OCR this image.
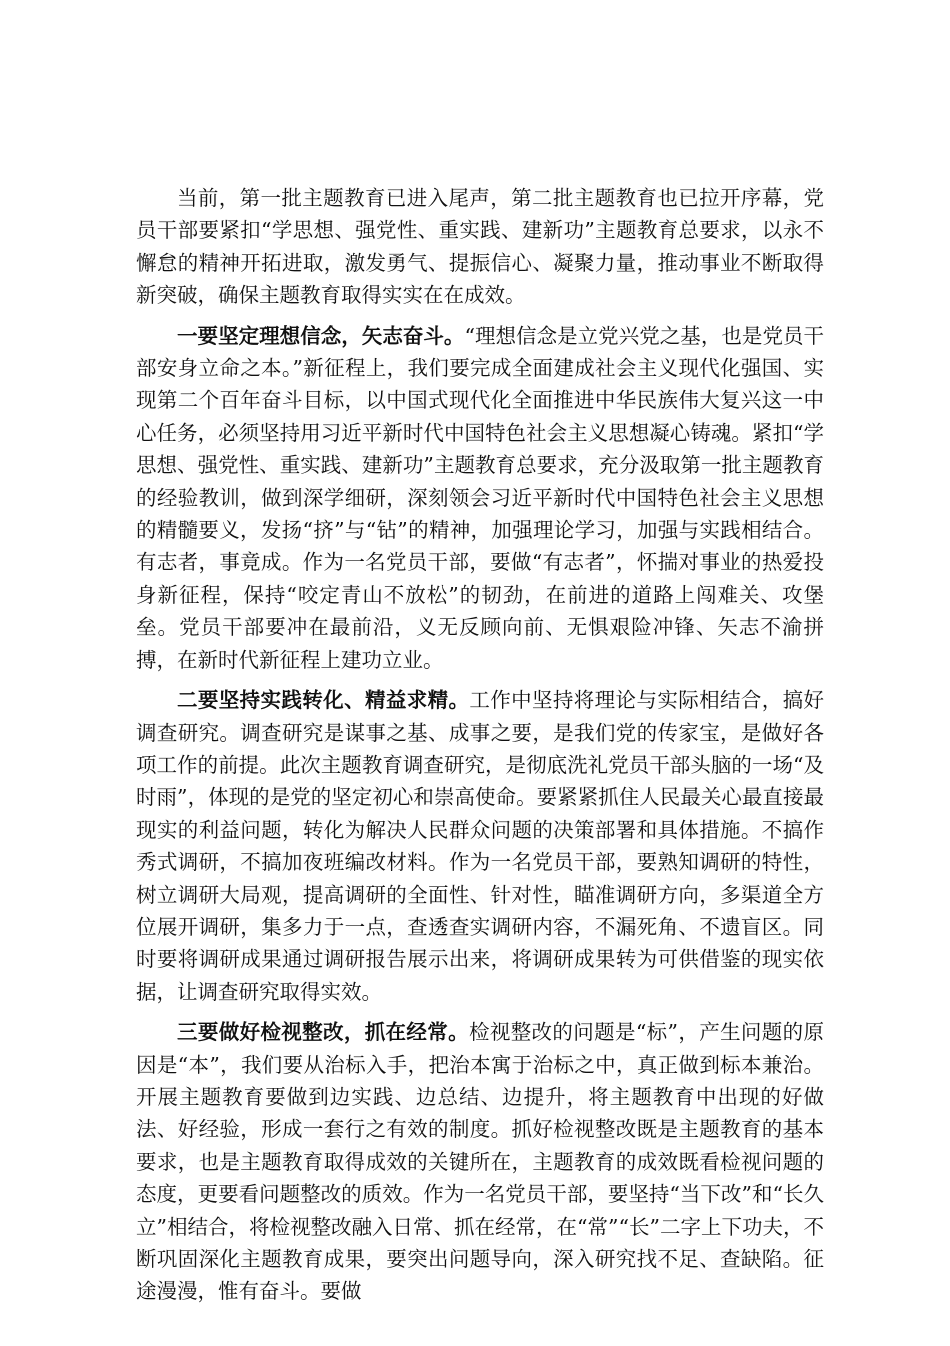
当前，第一批主题教育已进入尾声，第二批主题教育也已拉开序幕，党员干部要紧扣“学思想、强党性、重实践、建新功”主题教育总要求，以永不懈怠的精神开拓进取，激发勇气、提振信心、凝聚力量，推动事业不断取得新突破，确保主题教育取得实实在在成效。

一要坚定理想信念，矢志奋斗。“理想信念是立党兴党之基，也是党员干部安身立命之本。”新征程上，我们要完成全面建成社会主义现代化强国、实现第二个百年奋斗目标，以中国式现代化全面推进中华民族伟大复兴这一中心任务，必须坚持用习近平新时代中国特色社会主义思想凝心铸魂。紧扣“学思想、强党性、重实践、建新功”主题教育总要求，充分汲取第一批主题教育的经验教训，做到深学细研，深刻领会习近平新时代中国特色社会主义思想的精髓要义，发扬“挤”与“钻”的精神，加强理论学习，加强与实践相结合。有志者，事竟成。作为一名党员干部，要做“有志者”，怀揣对事业的热爱投身新征程，保持“咬定青山不放松”的韧劲，在前进的道路上闯难关、攻堡垒。党员干部要冲在最前沿，义无反顾向前、无惧艰险冲锋、矢志不渝拼搏，在新时代新征程上建功立业。

二要坚持实践转化、精益求精。工作中坚持将理论与实际相结合，搞好调查研究。调查研究是谋事之基、成事之要，是我们党的传家宝，是做好各项工作的前提。此次主题教育调查研究，是彻底洗礼党员干部头脑的一场“及时雨”，体现的是党的坚定初心和崇高使命。要紧紧抓住人民最关心最直接最现实的利益问题，转化为解决人民群众问题的决策部署和具体措施。不搞作秀式调研，不搞加夜班编改材料。作为一名党员干部，要熟知调研的特性，树立调研大局观，提高调研的全面性、针对性，瞄准调研方向，多渠道全方位展开调研，集多力于一点，查透查实调研内容，不漏死角、不遗盲区。同时要将调研成果通过调研报告展示出来，将调研成果转为可供借鉴的现实依据，让调查研究取得实效。

三要做好检视整改，抓在经常。检视整改的问题是“标”，产生问题的原因是“本”，我们要从治标入手，把治本寓于治标之中，真正做到标本兼治。开展主题教育要做到边实践、边总结、边提升，将主题教育中出现的好做法、好经验，形成一套行之有效的制度。抓好检视整改既是主题教育的基本要求，也是主题教育取得成效的关键所在，主题教育的成效既看检视问题的态度，更要看问题整改的质效。作为一名党员干部，要坚持“当下改”和“长久立”相结合，将检视整改融入日常、抓在经常，在“常”“长”二字上下功夫，不断巩固深化主题教育成果，要突出问题导向，深入研究找不足、查缺陷。征途漫漫，惟有奋斗。要做
